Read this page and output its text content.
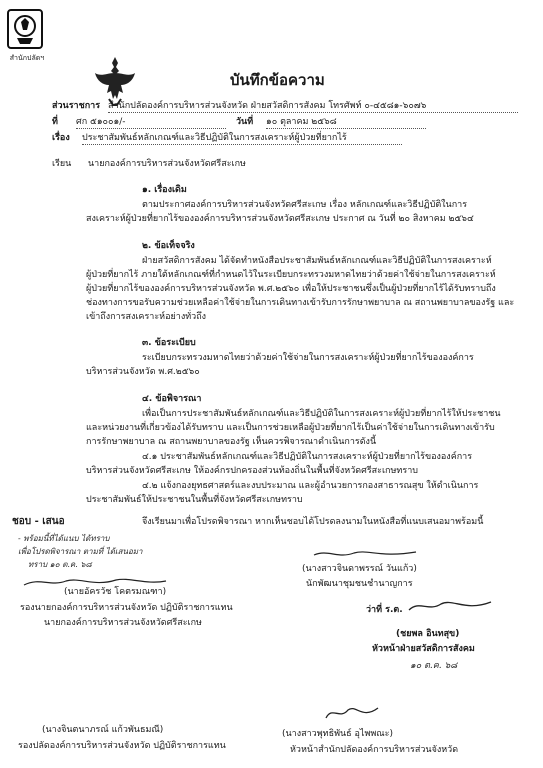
สำนักปลัดฯ
บันทึกข้อความ
ส่วนราชการ สำนักปลัดองค์การบริหารส่วนจังหวัด ฝ่ายสวัสดิการสังคม โทรศัพท์ ๐-๔๕๘๑-๖๐๗๖
ที่ ศก ๕๑๐๐๑/-	วันที่ ๑๐ ตุลาคม ๒๕๖๘
เรื่อง ประชาสัมพันธ์หลักเกณฑ์และวิธีปฏิบัติในการสงเคราะห์ผู้ป่วยที่ยากไร้
เรียน นายกองค์การบริหารส่วนจังหวัดศรีสะเกษ
๑. เรื่องเดิม
ตามประกาศองค์การบริหารส่วนจังหวัดศรีสะเกษ เรื่อง หลักเกณฑ์และวิธีปฏิบัติในการ
สงเคราะห์ผู้ป่วยที่ยากไร้ขององค์การบริหารส่วนจังหวัดศรีสะเกษ ประกาศ ณ วันที่ ๒๐ สิงหาคม ๒๕๖๔
๒. ข้อเท็จจริง
ฝ่ายสวัสดิการสังคม ได้จัดทำหนังสือประชาสัมพันธ์หลักเกณฑ์และวิธีปฏิบัติในการสงเคราะห์
ผู้ป่วยที่ยากไร้ ภายใต้หลักเกณฑ์ที่กำหนดไว้ในระเบียบกระทรวงมหาดไทยว่าด้วยค่าใช้จ่ายในการสงเคราะห์
ผู้ป่วยที่ยากไร้ขององค์การบริหารส่วนจังหวัด พ.ศ.๒๕๖๐ เพื่อให้ประชาชนซึ่งเป็นผู้ป่วยที่ยากไร้ได้รับทราบถึง
ช่องทางการขอรับความช่วยเหลือค่าใช้จ่ายในการเดินทางเข้ารับการรักษาพยาบาล ณ สถานพยาบาลของรัฐ และ
เข้าถึงการสงเคราะห์อย่างทั่วถึง
๓. ข้อระเบียบ
ระเบียบกระทรวงมหาดไทยว่าด้วยค่าใช้จ่ายในการสงเคราะห์ผู้ป่วยที่ยากไร้ขององค์การ
บริหารส่วนจังหวัด พ.ศ.๒๕๖๐
๔. ข้อพิจารณา
เพื่อเป็นการประชาสัมพันธ์หลักเกณฑ์และวิธีปฏิบัติในการสงเคราะห์ผู้ป่วยที่ยากไร้ให้ประชาชน
และหน่วยงานที่เกี่ยวข้องได้รับทราบ และเป็นการช่วยเหลือผู้ป่วยที่ยากไร้เป็นค่าใช้จ่ายในการเดินทางเข้ารับ
การรักษาพยาบาล ณ สถานพยาบาลของรัฐ เห็นควรพิจารณาดำเนินการดังนี้
๔.๑ ประชาสัมพันธ์หลักเกณฑ์และวิธีปฏิบัติในการสงเคราะห์ผู้ป่วยที่ยากไร้ขององค์การ
บริหารส่วนจังหวัดศรีสะเกษ ให้องค์กรปกครองส่วนท้องถิ่นในพื้นที่จังหวัดศรีสะเกษทราบ
๔.๒ แจ้งกองยุทธศาสตร์และงบประมาณ และผู้อำนวยการกองสาธารณสุข ให้ดำเนินการ
ประชาสัมพันธ์ให้ประชาชนในพื้นที่จังหวัดศรีสะเกษทราบ
ชอบ - เสนอ	จึงเรียนมาเพื่อโปรดพิจารณา หากเห็นชอบได้โปรดลงนามในหนังสือที่แนบเสนอมาพร้อมนี้
- พร้อมนี้ที่ได้แนบ ได้ทราบ
เพื่อโปรดพิจารณา ตามที่ ได้เสนอมา
ทราบ ๑๐ ต.ค. ๖๘
(นายอัครวัช โคตรมณฑา)
รองนายกองค์การบริหารส่วนจังหวัด ปฏิบัติราชการแทน
นายกองค์การบริหารส่วนจังหวัดศรีสะเกษ
(นางสาวจินดาพรรณ์ วันแก้ว)
นักพัฒนาชุมชนชำนาญการ
ว่าที่ ร.ต.
(ชยพล อินทสุข)
หัวหน้าฝ่ายสวัสดิการสังคม
๑๐ ต.ค. ๖๘
(นางจินตนาภรณ์ แก้วพันธมณี)
รองปลัดองค์การบริหารส่วนจังหวัด ปฏิบัติราชการแทน
(นางสาวพุทธิพันธ์ อุไพพณะ)
หัวหน้าสำนักปลัดองค์การบริหารส่วนจังหวัด
